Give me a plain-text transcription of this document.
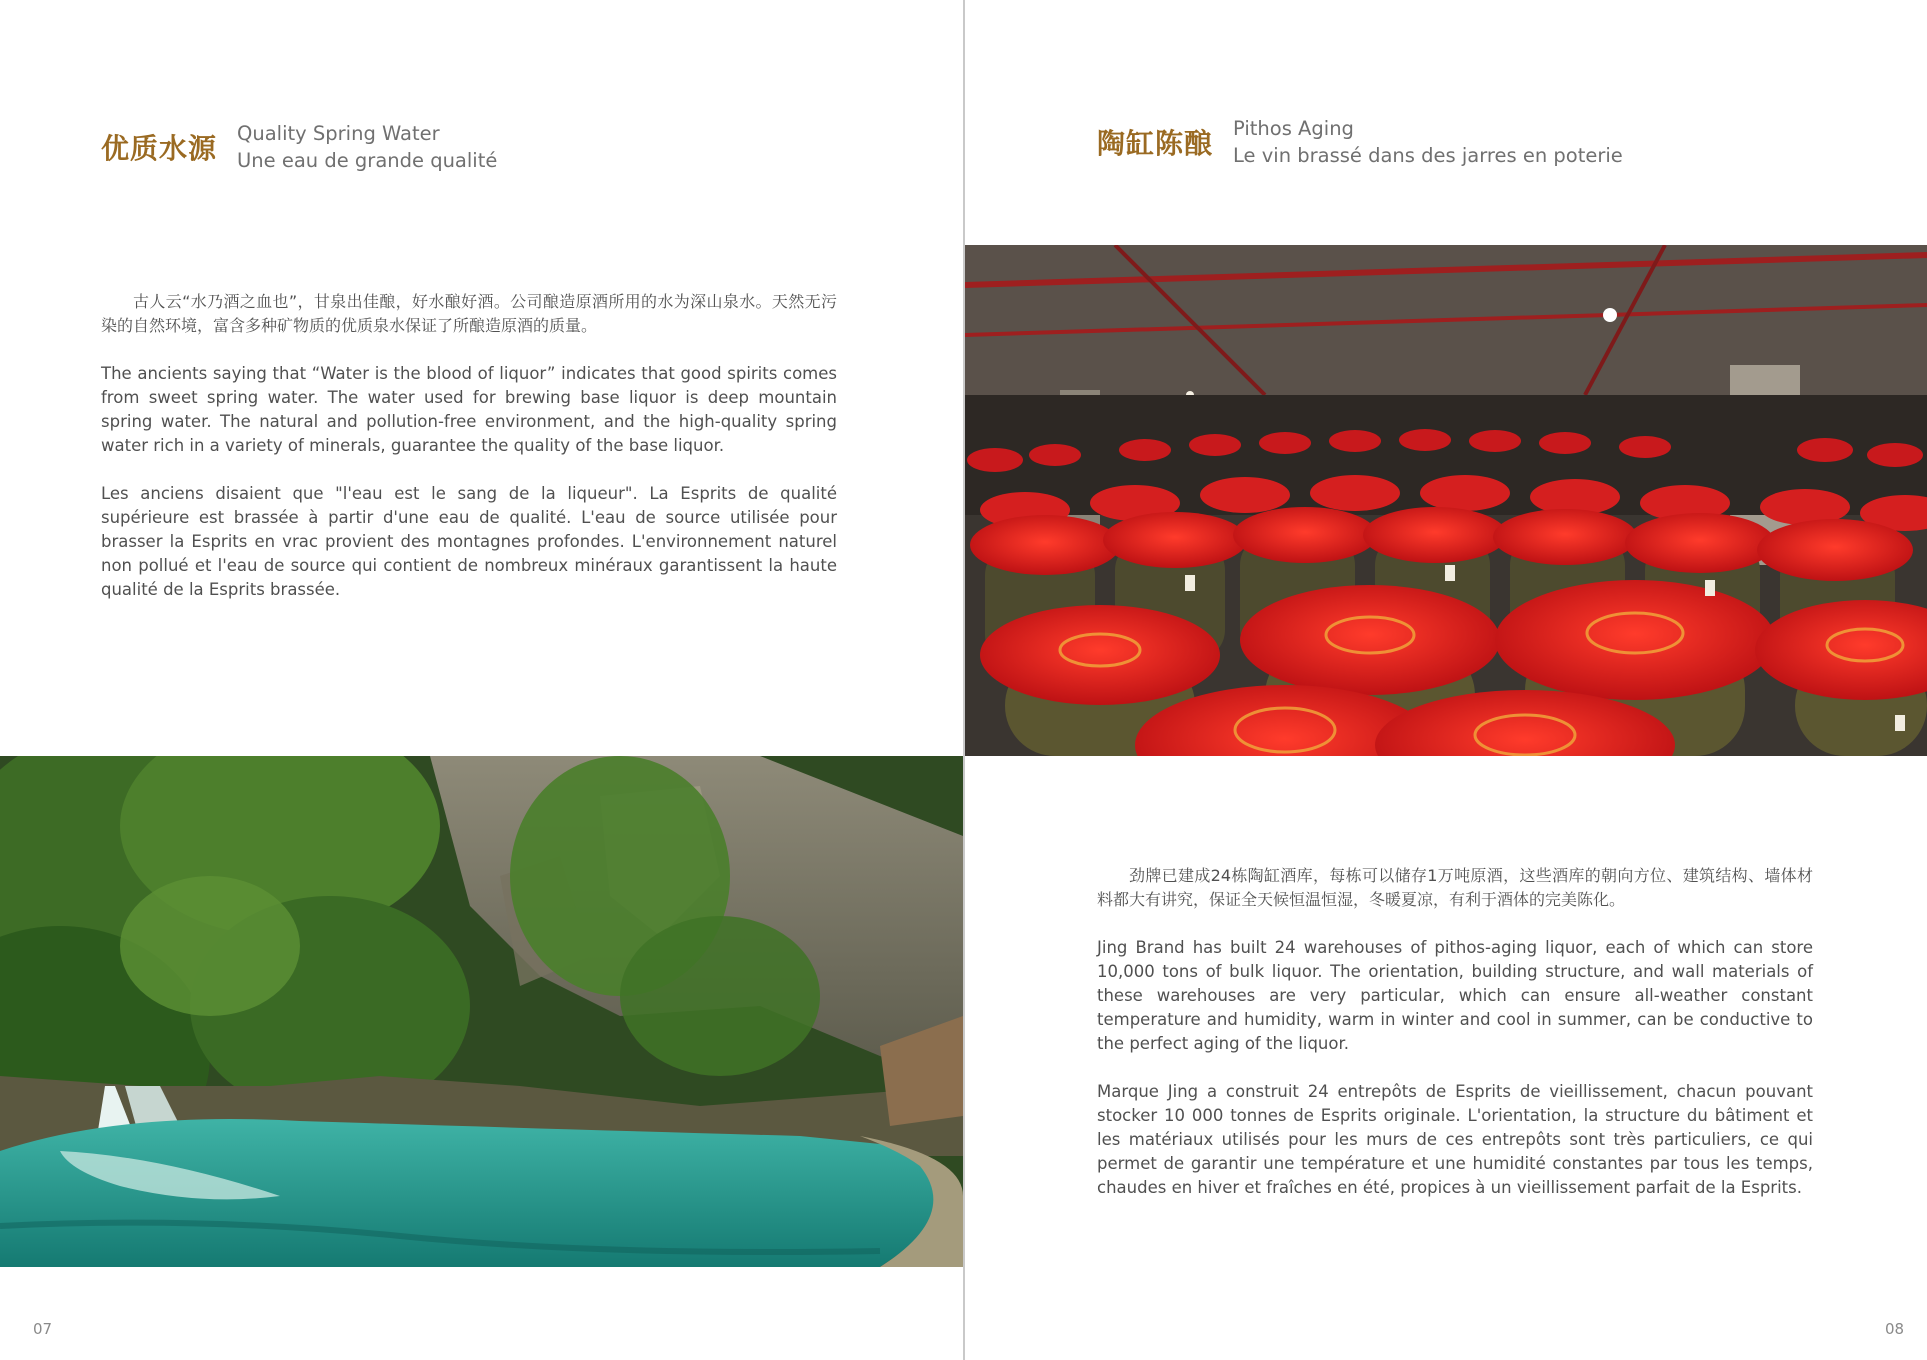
优质水源 Quality Spring Water
Une eau de grande qualité

古人云“水乃酒之血也”，甘泉出佳酿，好水酿好酒。公司酿造原酒所用的水为深山泉水。天然无污染的自然环境，富含多种矿物质的优质泉水保证了所酿造原酒的质量。

The ancients saying that “Water is the blood of liquor” indicates that good spirits comes from sweet spring water. The water used for brewing base liquor is deep mountain spring water. The natural and pollution-free environment, and the high-quality spring water rich in a variety of minerals, guarantee the quality of the base liquor.

Les anciens disaient que "l'eau est le sang de la liqueur". La Esprits de qualité supérieure est brassée à partir d'une eau de qualité. L'eau de source utilisée pour brasser la Esprits en vrac provient des montagnes profondes. L'environnement naturel non pollué et l'eau de source qui contient de nombreux minéraux garantissent la haute qualité de la Esprits brassée.

07
陶缸陈酿 Pithos Aging
Le vin brassé dans des jarres en poterie

劲牌已建成24栋陶缸酒库，每栋可以储存1万吨原酒，这些酒库的朝向方位、建筑结构、墙体材料都大有讲究，保证全天候恒温恒湿，冬暖夏凉，有利于酒体的完美陈化。

Jing Brand has built 24 warehouses of pithos-aging liquor, each of which can store 10,000 tons of bulk liquor. The orientation, building structure, and wall materials of these warehouses are very particular, which can ensure all-weather constant temperature and humidity, warm in winter and cool in summer, can be conductive to the perfect aging of the liquor.

Marque Jing a construit 24 entrepôts de Esprits de vieillissement, chacun pouvant stocker 10 000 tonnes de Esprits originale. L'orientation, la structure du bâtiment et les matériaux utilisés pour les murs de ces entrepôts sont très particuliers, ce qui permet de garantir une température et une humidité constantes par tous les temps, chaudes en hiver et fraîches en été, propices à un vieillissement parfait de la Esprits.

08
